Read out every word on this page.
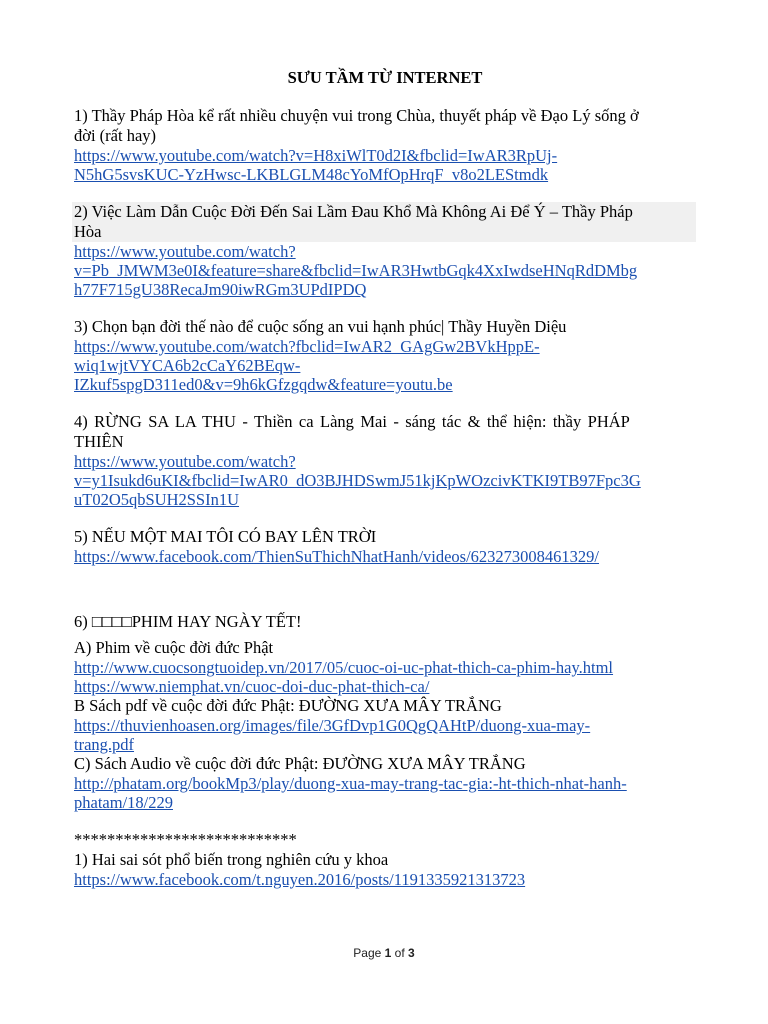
SƯU TẦM TỪ INTERNET
1) Thầy Pháp Hòa kể rất nhiều chuyện vui trong Chùa, thuyết pháp về Đạo Lý sống ở
đời (rất hay)
https://www.youtube.com/watch?v=H8xiWlT0d2I&fbclid=IwAR3RpUj-
N5hG5svsKUC-YzHwsc-LKBLGLM48cYoMfOpHrqF_v8o2LEStmdk
2) Việc Làm Dẫn Cuộc Đời Đến Sai Lầm Đau Khổ Mà Không Ai Để Ý – Thầy Pháp
Hòa
https://www.youtube.com/watch?
v=Pb_JMWM3e0I&feature=share&fbclid=IwAR3HwtbGqk4XxIwdseHNqRdDMbg
h77F715gU38RecaJm90iwRGm3UPdIPDQ
3) Chọn bạn đời thế nào để cuộc sống an vui hạnh phúc| Thầy Huyền Diệu
https://www.youtube.com/watch?fbclid=IwAR2_GAgGw2BVkHppE-
wiq1wjtVYCA6b2cCaY62BEqw-
IZkuf5spgD311ed0&v=9h6kGfzgqdw&feature=youtu.be
4) RỪNG SA LA THU - Thiền ca Làng Mai - sáng tác & thể hiện: thầy PHÁP
THIÊN
https://www.youtube.com/watch?
v=y1Isukd6uKI&fbclid=IwAR0_dO3BJHDSwmJ51kjKpWOzcivKTKI9TB97Fpc3G
uT02O5qbSUH2SSIn1U
5) NẾU MỘT MAI TÔI CÓ BAY LÊN TRỜI
https://www.facebook.com/ThienSuThichNhatHanh/videos/623273008461329/
6) □□□□PHIM HAY NGÀY TẾT!
A) Phim về cuộc đời đức Phật
http://www.cuocsongtuoidep.vn/2017/05/cuoc-oi-uc-phat-thich-ca-phim-hay.html
https://www.niemphat.vn/cuoc-doi-duc-phat-thich-ca/
B Sách pdf về cuộc đời đức Phật: ĐƯỜNG XƯA MÂY TRẮNG
https://thuvienhoasen.org/images/file/3GfDvp1G0QgQAHtP/duong-xua-may-
trang.pdf
C) Sách Audio về cuộc đời đức Phật: ĐƯỜNG XƯA MÂY TRẮNG
http://phatam.org/bookMp3/play/duong-xua-may-trang-tac-gia:-ht-thich-nhat-hanh-
phatam/18/229
***************************
1) Hai sai sót phổ biến trong nghiên cứu y khoa
https://www.facebook.com/t.nguyen.2016/posts/1191335921313723
Page 1 of 3
